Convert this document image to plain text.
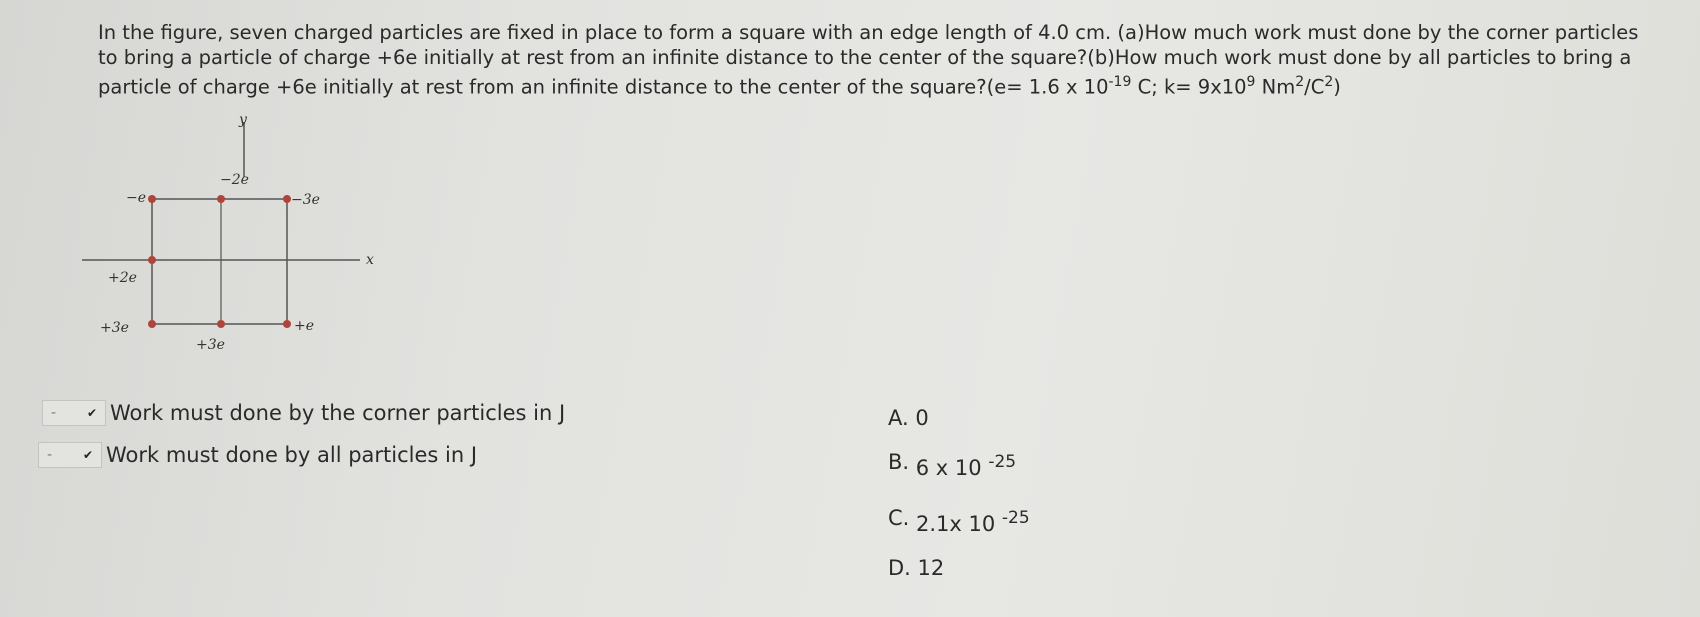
In the figure, seven charged particles are fixed in place to form a square with an edge length of 4.0 cm. (a)How much work must done by the corner particles to bring a particle of charge +6e initially at rest from an infinite distance to the center of the square?(b)How much work must done by all particles to bring a particle of charge +6e initially at rest from an infinite distance to the center of the square?(e= 1.6 x $10^{-19}$ C; $k= 9x10^9$ $Nm^2/C^2$)

y
x
−e
−2e
−3e
+2e
+3e
+3e
+e
-	✔ Work must done by the corner particles in J
-	✔ Work must done by all particles in J
A. 0
B. 6 x 10 $^{-25}$
C. 2.1x 10 $^{-25}$
D. 12
